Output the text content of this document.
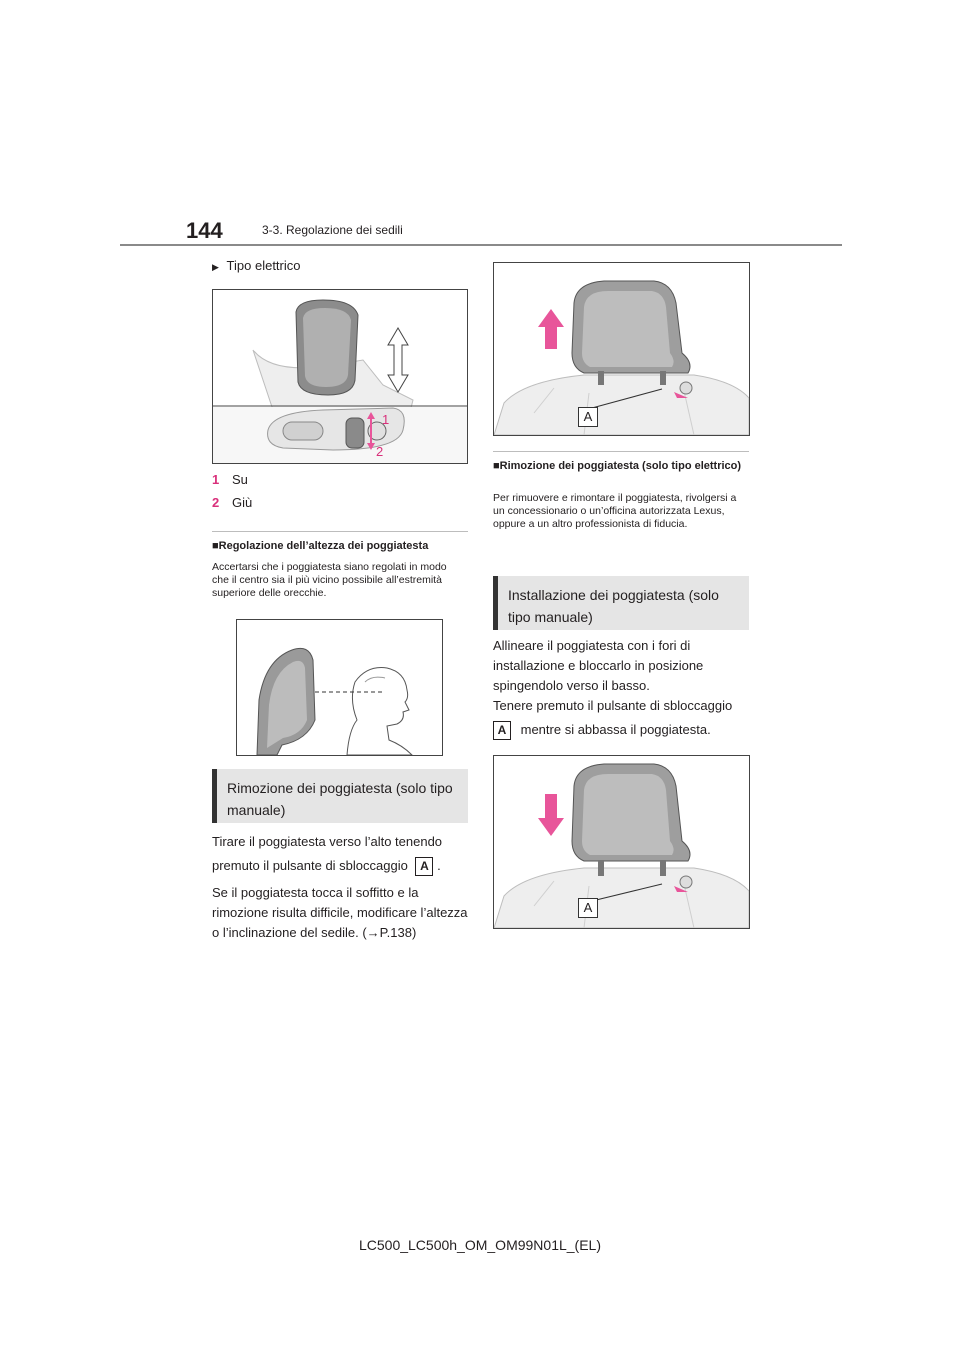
144	3-3. Regolazione dei sedili
▶ Tipo elettrico
1
2
1 Su
2 Giù
■Regolazione dell’altezza dei poggiatesta
Accertarsi che i poggiatesta siano regolati in modo che il centro sia il più vicino possibile all’estremità superiore delle orecchie.
Rimozione dei poggiatesta (solo tipo manuale)
Tirare il poggiatesta verso l’alto tenendo
premuto il pulsante di sbloccaggio A .
Se il poggiatesta tocca il soffitto e la rimozione risulta difficile, modificare l’altezza o l’inclinazione del sedile. (→P.138)
A
■Rimozione dei poggiatesta (solo tipo elettrico)
Per rimuovere e rimontare il poggiatesta, rivolgersi a un concessionario o un’officina autorizzata Lexus, oppure a un altro professionista di fiducia.
Installazione dei poggiatesta (solo tipo manuale)
Allineare il poggiatesta con i fori di installazione e bloccarlo in posizione spingendolo verso il basso.
Tenere premuto il pulsante di sbloccaggio
A mentre si abbassa il poggiatesta.
A
LC500_LC500h_OM_OM99N01L_(EL)
